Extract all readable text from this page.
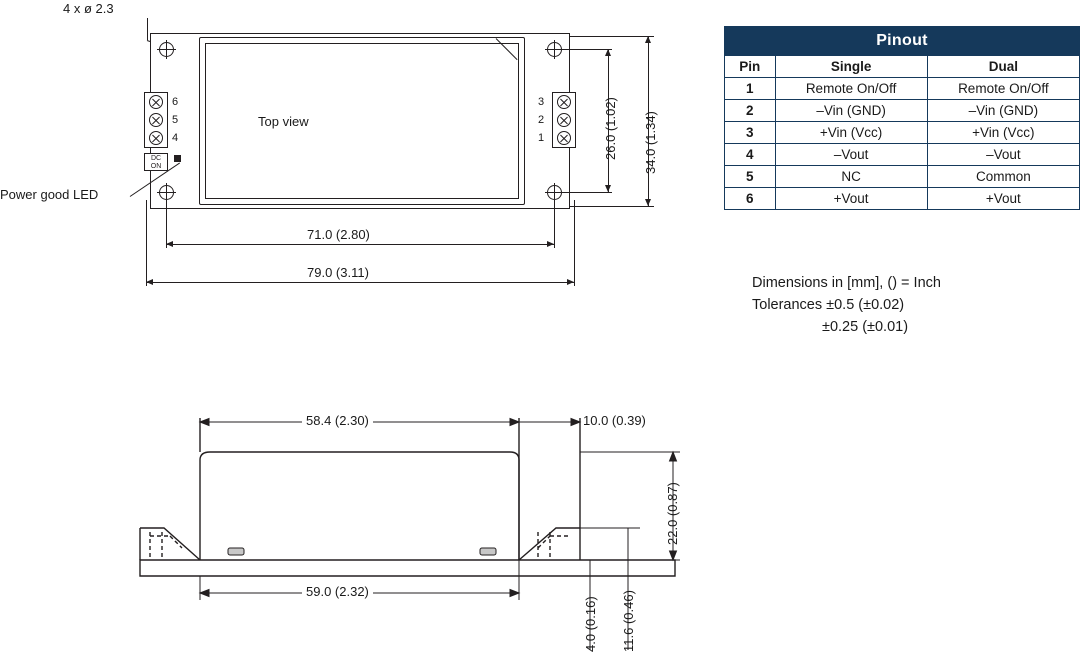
4 x ø 2.3
Top view
6
5
4
3
2
1
DC
ON
Power good LED
71.0 (2.80)
79.0 (3.11)
26.0 (1.02) 34.0 (1.34)
Pinout		
Pin	Single	Dual
1	Remote On/Off	Remote On/Off
2	–Vin (GND)	–Vin (GND)
3	+Vin (Vcc)	+Vin (Vcc)
4	–Vout	–Vout
5	NC	Common
6	+Vout	+Vout
Dimensions in [mm], () = Inch
Tolerances ±0.5 (±0.02)
±0.25 (±0.01)
58.4 (2.30)	10.0 (0.39)
59.0 (2.32)
22.0 (0.87)
4.0 (0.16) 11.6 (0.46)
